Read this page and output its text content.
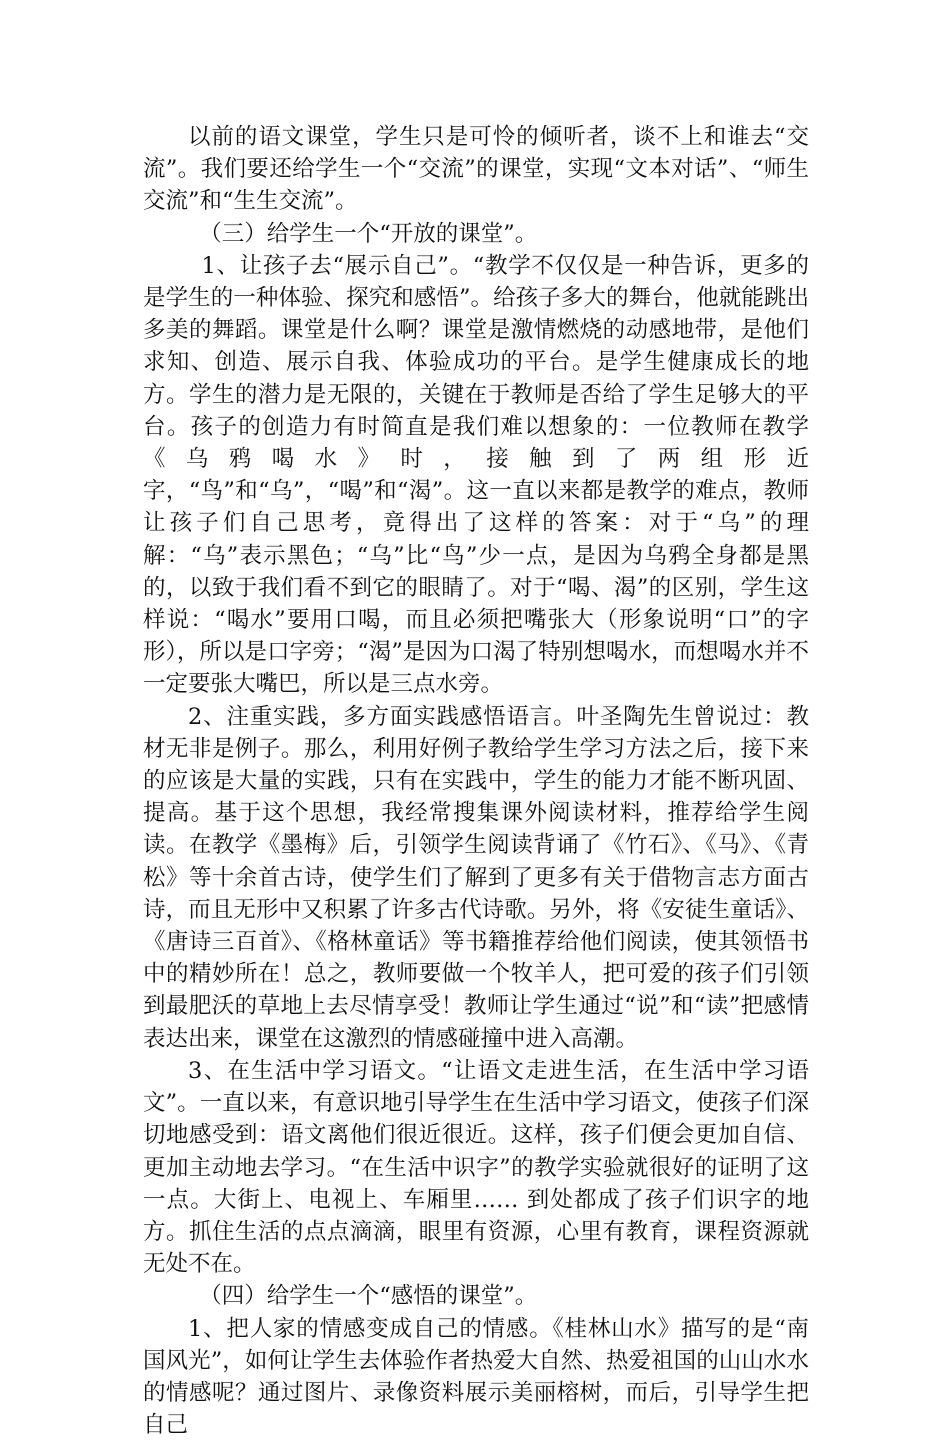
以前的语文课堂，学生只是可怜的倾听者，谈不上和谁去“交流”。我们要还给学生一个“交流”的课堂，实现“文本对话”、“师生交流”和“生生交流”。

（三）给学生一个“开放的课堂”。

1、让孩子去“展示自己”。“教学不仅仅是一种告诉，更多的是学生的一种体验、探究和感悟”。给孩子多大的舞台，他就能跳出多美的舞蹈。课堂是什么啊？课堂是激情燃烧的动感地带，是他们求知、创造、展示自我、体验成功的平台。是学生健康成长的地方。学生的潜力是无限的，关键在于教师是否给了学生足够大的平台。孩子的创造力有时简直是我们难以想象的：一位教师在教学《乌鸦喝水》时，接触到了两组形近字，“鸟”和“乌”，“喝”和“渴”。这一直以来都是教学的难点，教师让孩子们自己思考，竟得出了这样的答案：对于“乌”的理解：“乌”表示黑色；“乌”比“鸟”少一点，是因为乌鸦全身都是黑的，以致于我们看不到它的眼睛了。对于“喝、渴”的区别，学生这样说：“喝水”要用口喝，而且必须把嘴张大（形象说明“口”的字形），所以是口字旁；“渴”是因为口渴了特别想喝水，而想喝水并不一定要张大嘴巴，所以是三点水旁。

2、注重实践，多方面实践感悟语言。叶圣陶先生曾说过：教材无非是例子。那么，利用好例子教给学生学习方法之后，接下来的应该是大量的实践，只有在实践中，学生的能力才能不断巩固、提高。基于这个思想，我经常搜集课外阅读材料，推荐给学生阅读。在教学《墨梅》后，引领学生阅读背诵了《竹石》、《马》、《青松》等十余首古诗，使学生们了解到了更多有关于借物言志方面古诗，而且无形中又积累了许多古代诗歌。另外，将《安徒生童话》、《唐诗三百首》、《格林童话》等书籍推荐给他们阅读，使其领悟书中的精妙所在！总之，教师要做一个牧羊人，把可爱的孩子们引领到最肥沃的草地上去尽情享受！教师让学生通过“说”和“读”把感情表达出来，课堂在这激烈的情感碰撞中进入高潮。

3、在生活中学习语文。“让语文走进生活，在生活中学习语文”。一直以来，有意识地引导学生在生活中学习语文，使孩子们深切地感受到：语文离他们很近很近。这样，孩子们便会更加自信、更加主动地去学习。“在生活中识字”的教学实验就很好的证明了这一点。大街上、电视上、车厢里…… 到处都成了孩子们识字的地方。抓住生活的点点滴滴，眼里有资源，心里有教育，课程资源就无处不在。

（四）给学生一个“感悟的课堂”。

1、把人家的情感变成自己的情感。《桂林山水》描写的是“南国风光”，如何让学生去体验作者热爱大自然、热爱祖国的山山水水的情感呢？通过图片、录像资料展示美丽榕树，而后，引导学生把自己
